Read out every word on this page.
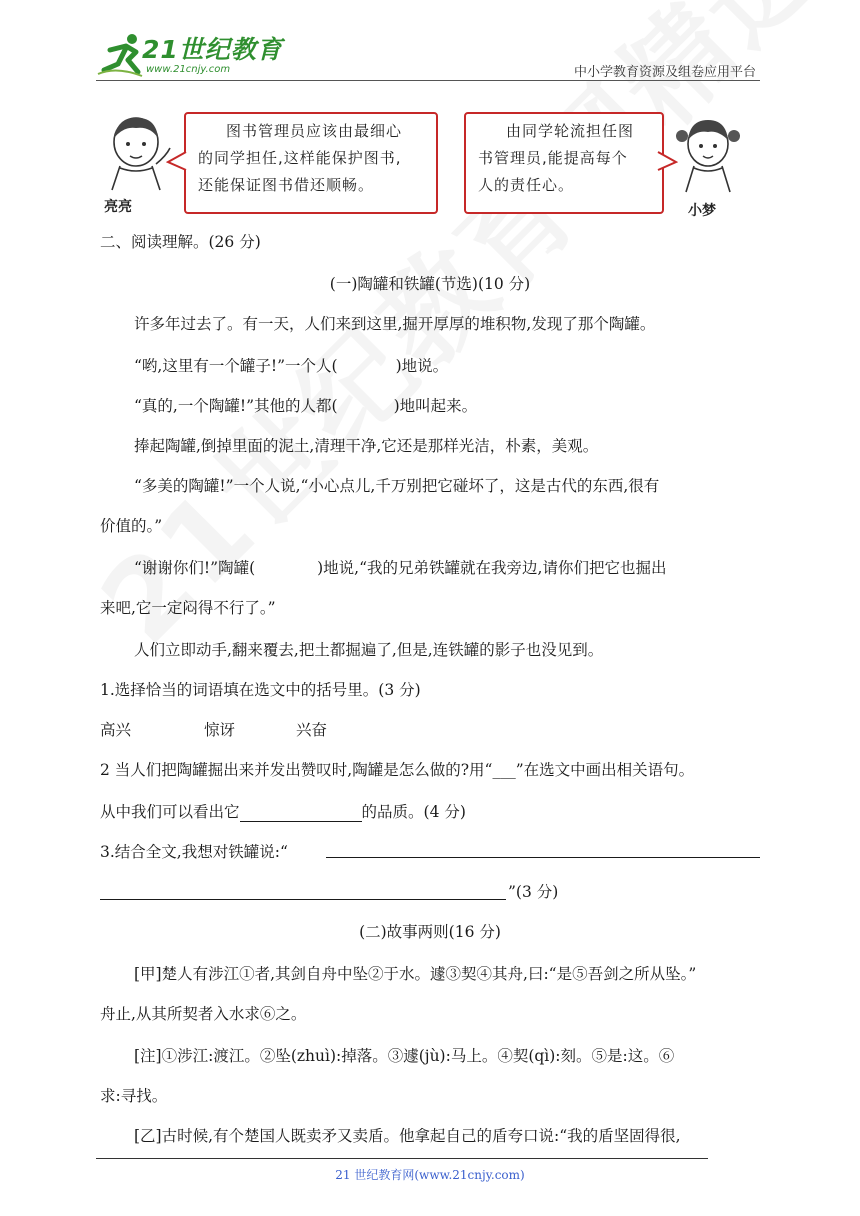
21世纪教育
www.21cnjy.com	中小学教育资源及组卷应用平台
亮亮
图书管理员应该由最细心
的同学担任,这样能保护图书,
还能保证图书借还顺畅。
由同学轮流担任图
书管理员,能提高每个
人的责任心。
小梦
二、阅读理解。(26 分)
(一)陶罐和铁罐(节选)(10 分)
许多年过去了。有一天，人们来到这里,掘开厚厚的堆积物,发现了那个陶罐。
“哟,这里有一个罐子!”一个人(	)地说。
“真的,一个陶罐!”其他的人都(	)地叫起来。
捧起陶罐,倒掉里面的泥土,清理干净,它还是那样光洁，朴素，美观。
“多美的陶罐!”一个人说,“小心点儿,千万别把它碰坏了，这是古代的东西,很有
价值的。”
“谢谢你们!”陶罐(	)地说,“我的兄弟铁罐就在我旁边,请你们把它也掘出
来吧,它一定闷得不行了。”
人们立即动手,翻来覆去,把土都掘遍了,但是,连铁罐的影子也没见到。
1.选择恰当的词语填在选文中的括号里。(3 分)
高兴	惊讶	兴奋
2 当人们把陶罐掘出来并发出赞叹时,陶罐是怎么做的?用“___”在选文中画出相关语句。
从中我们可以看出它	的品质。(4 分)
3.结合全文,我想对铁罐说:“
”(3 分)
(二)故事两则(16 分)
[甲]楚人有涉江①者,其剑自舟中坠②于水。遽③契④其舟,曰:“是⑤吾剑之所从坠。”
舟止,从其所契者入水求⑥之。
[注]①涉江:渡江。②坠(zhuì):掉落。③遽(jù):马上。④契(qì):刻。⑤是:这。⑥
求:寻找。
[乙]古时候,有个楚国人既卖矛又卖盾。他拿起自己的盾夸口说:“我的盾坚固得很,
21 世纪教育网(www.21cnjy.com)
